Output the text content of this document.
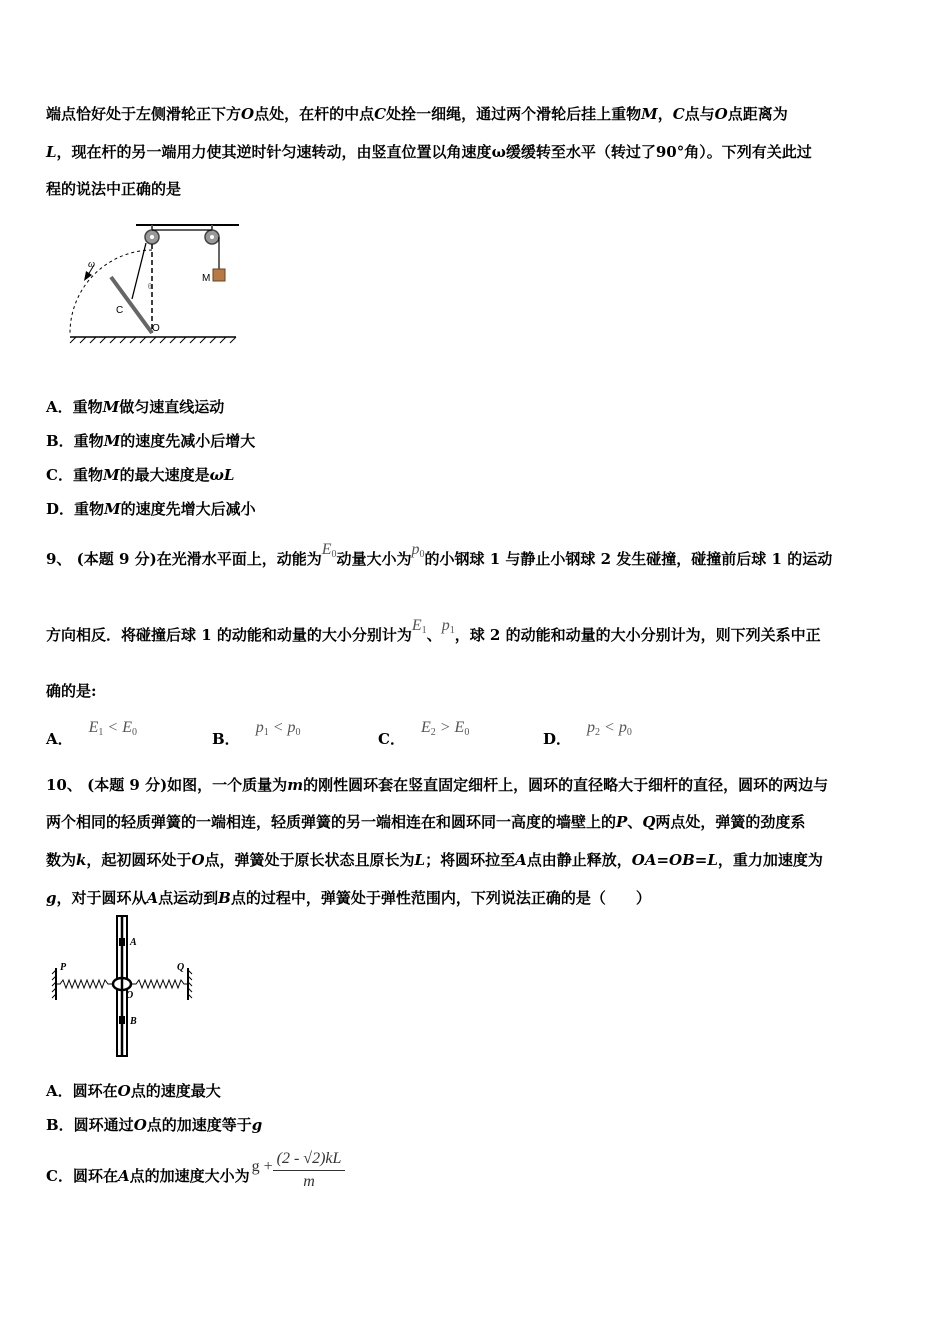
端点恰好处于左侧滑轮正下方O点处，在杆的中点C处拴一细绳，通过两个滑轮后挂上重物M，C点与O点距离为
L，现在杆的另一端用力使其逆时针匀速转动，由竖直位置以角速度ω缓缓转至水平（转过了90°角）。下列有关此过
程的说法中正确的是
M
ω
C
O
θ
A．重物M做匀速直线运动
B．重物M的速度先减小后增大
C．重物M的最大速度是ωL
D．重物M的速度先增大后减小
9、 (本题 9 分)在光滑水平面上，动能为$E_0$动量大小为$p_0$的小钢球 1 与静止小钢球 2 发生碰撞，碰撞前后球 1 的运动
方向相反．将碰撞后球 1 的动能和动量的大小分别计为$E_1$、$p_1$，球 2 的动能和动量的大小分别计为，则下列关系中正
确的是:
A．$E_1 < E_0$	B．$p_1 < p_0$	C．$E_2 > E_0$	D．$p_2 < p_0$
10、 (本题 9 分)如图，一个质量为m的刚性圆环套在竖直固定细杆上，圆环的直径略大于细杆的直径，圆环的两边与
两个相同的轻质弹簧的一端相连，轻质弹簧的另一端相连在和圆环同一高度的墙壁上的P、Q两点处，弹簧的劲度系
数为k，起初圆环处于O点，弹簧处于原长状态且原长为L；将圆环拉至A点由静止释放，OA=OB=L，重力加速度为
g，对于圆环从A点运动到B点的过程中，弹簧处于弹性范围内，下列说法正确的是（　　）
A
B
P	Q
O
A．圆环在O点的速度最大
B．圆环通过O点的加速度等于g
C．圆环在A点的加速度大小为$g + \frac{(2 - √2)kL}{m}$
